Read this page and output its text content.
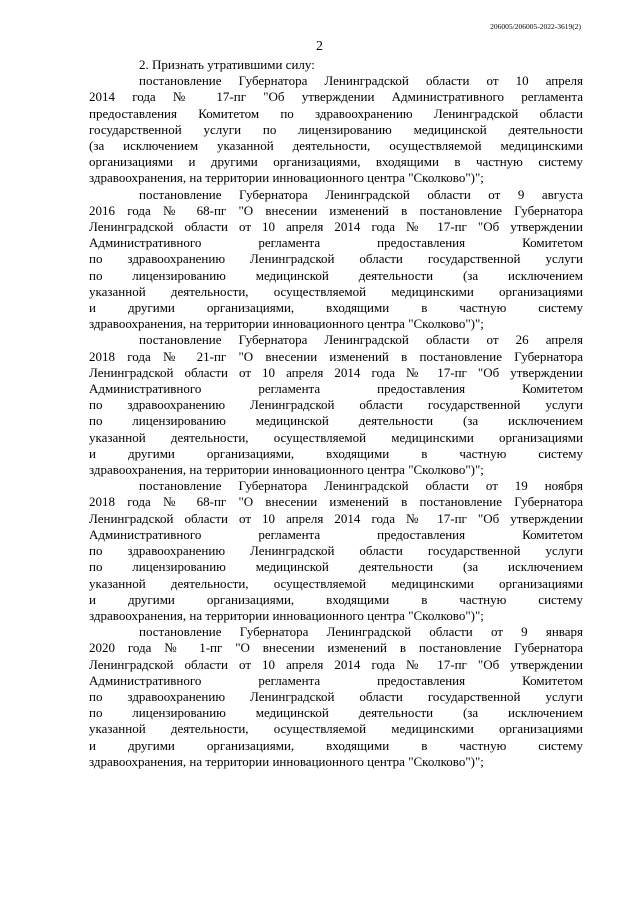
206005/206005-2022-3619(2)
2

2. Признать утратившими силу:

постановление Губернатора Ленинградской области от 10 апреля
2014 года № 17-пг "Об утверждении Административного регламента
предоставления Комитетом по здравоохранению Ленинградской области
государственной услуги по лицензированию медицинской деятельности
(за исключением указанной деятельности, осуществляемой медицинскими
организациями и другими организациями, входящими в частную систему
здравоохранения, на территории инновационного центра "Сколково")";
постановление Губернатора Ленинградской области от 9 августа
2016 года № 68-пг "О внесении изменений в постановление Губернатора
Ленинградской области от 10 апреля 2014 года № 17-пг "Об утверждении
Административного регламента предоставления Комитетом
по здравоохранению Ленинградской области государственной услуги
по лицензированию медицинской деятельности (за исключением
указанной деятельности, осуществляемой медицинскими организациями
и другими организациями, входящими в частную систему
здравоохранения, на территории инновационного центра "Сколково")";
постановление Губернатора Ленинградской области от 26 апреля
2018 года № 21-пг "О внесении изменений в постановление Губернатора
Ленинградской области от 10 апреля 2014 года № 17-пг "Об утверждении
Административного регламента предоставления Комитетом
по здравоохранению Ленинградской области государственной услуги
по лицензированию медицинской деятельности (за исключением
указанной деятельности, осуществляемой медицинскими организациями
и другими организациями, входящими в частную систему
здравоохранения, на территории инновационного центра "Сколково")";
постановление Губернатора Ленинградской области от 19 ноября
2018 года № 68-пг "О внесении изменений в постановление Губернатора
Ленинградской области от 10 апреля 2014 года № 17-пг "Об утверждении
Административного регламента предоставления Комитетом
по здравоохранению Ленинградской области государственной услуги
по лицензированию медицинской деятельности (за исключением
указанной деятельности, осуществляемой медицинскими организациями
и другими организациями, входящими в частную систему
здравоохранения, на территории инновационного центра "Сколково")";
постановление Губернатора Ленинградской области от 9 января
2020 года № 1-пг "О внесении изменений в постановление Губернатора
Ленинградской области от 10 апреля 2014 года № 17-пг "Об утверждении
Административного регламента предоставления Комитетом
по здравоохранению Ленинградской области государственной услуги
по лицензированию медицинской деятельности (за исключением
указанной деятельности, осуществляемой медицинскими организациями
и другими организациями, входящими в частную систему
здравоохранения, на территории инновационного центра "Сколково")";
